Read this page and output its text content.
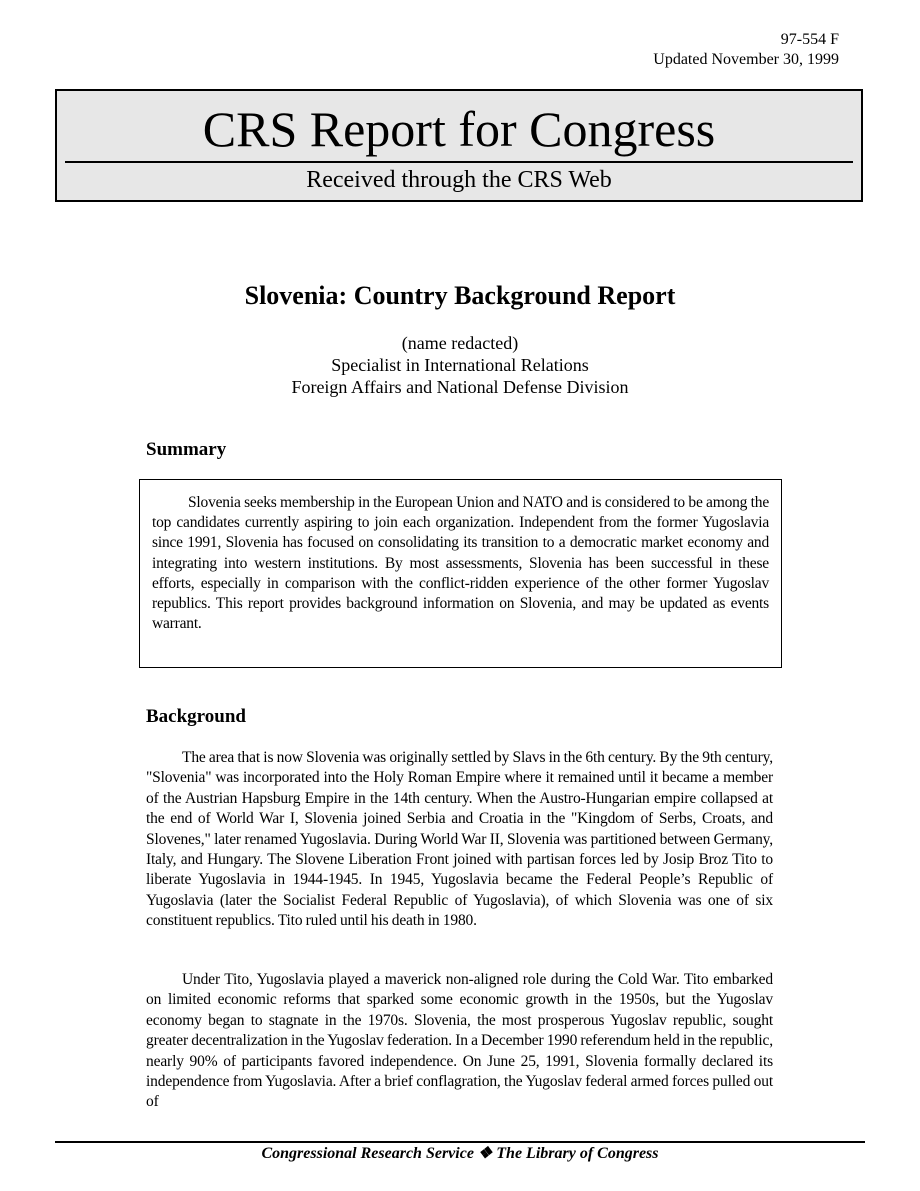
97-554 F
Updated November 30, 1999
CRS Report for Congress
Received through the CRS Web
Slovenia: Country Background Report
(name redacted)
Specialist in International Relations
Foreign Affairs and National Defense Division
Summary

Slovenia seeks membership in the European Union and NATO and is considered to be among the top candidates currently aspiring to join each organization. Independent from the former Yugoslavia since 1991, Slovenia has focused on consolidating its transition to a democratic market economy and integrating into western institutions. By most assessments, Slovenia has been successful in these efforts, especially in comparison with the conflict-ridden experience of the other former Yugoslav republics. This report provides background information on Slovenia, and may be updated as events warrant.

Background

The area that is now Slovenia was originally settled by Slavs in the 6th century. By the 9th century, "Slovenia" was incorporated into the Holy Roman Empire where it remained until it became a member of the Austrian Hapsburg Empire in the 14th century. When the Austro-Hungarian empire collapsed at the end of World War I, Slovenia joined Serbia and Croatia in the "Kingdom of Serbs, Croats, and Slovenes," later renamed Yugoslavia. During World War II, Slovenia was partitioned between Germany, Italy, and Hungary. The Slovene Liberation Front joined with partisan forces led by Josip Broz Tito to liberate Yugoslavia in 1944-1945. In 1945, Yugoslavia became the Federal People’s Republic of Yugoslavia (later the Socialist Federal Republic of Yugoslavia), of which Slovenia was one of six constituent republics. Tito ruled until his death in 1980.

Under Tito, Yugoslavia played a maverick non-aligned role during the Cold War. Tito embarked on limited economic reforms that sparked some economic growth in the 1950s, but the Yugoslav economy began to stagnate in the 1970s. Slovenia, the most prosperous Yugoslav republic, sought greater decentralization in the Yugoslav federation. In a December 1990 referendum held in the republic, nearly 90% of participants favored independence. On June 25, 1991, Slovenia formally declared its independence from Yugoslavia. After a brief conflagration, the Yugoslav federal armed forces pulled out of

Congressional Research Service ❖ The Library of Congress
